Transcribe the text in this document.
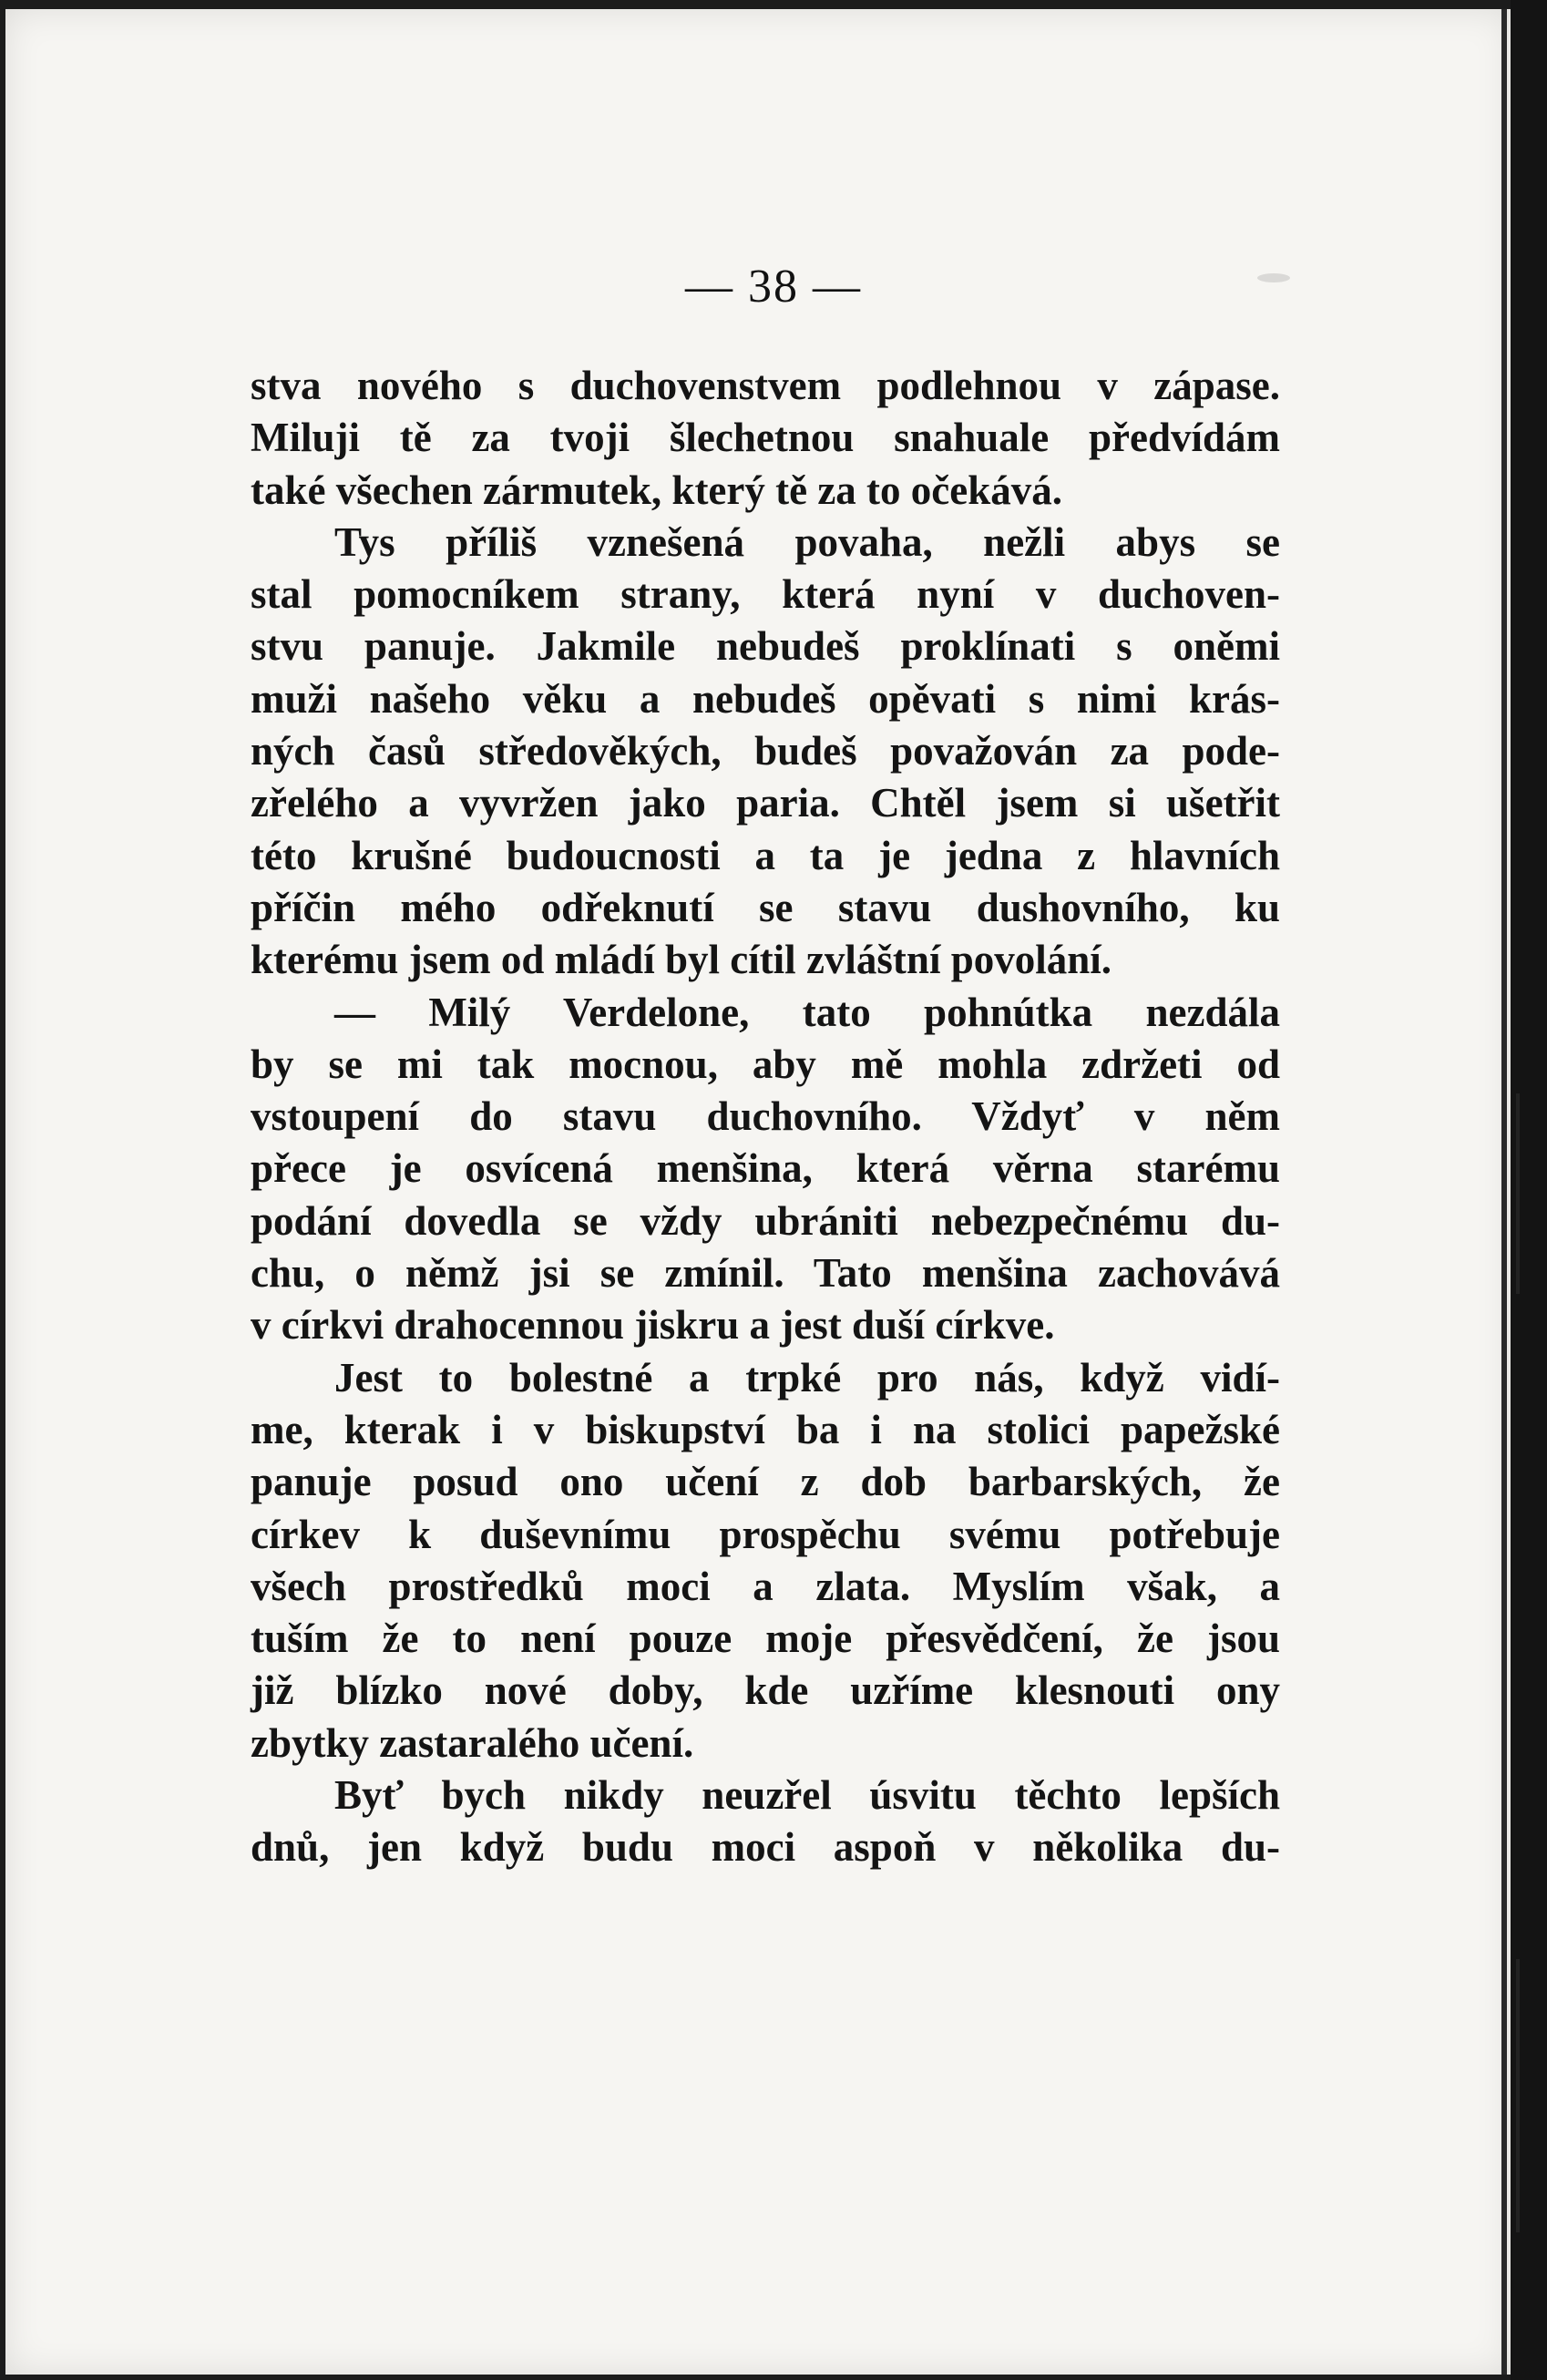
— 38 —
stva nového s duchovenstvem podlehnou v zápase.
Miluji tě za tvoji šlechetnou snahuale předvídám
také všechen zármutek, který tě za to očekává.
Tys příliš vznešená povaha, nežli abys se
stal pomocníkem strany, která nyní v duchoven-
stvu panuje. Jakmile nebudeš proklínati s oněmi
muži našeho věku a nebudeš opěvati s nimi krás-
ných časů středověkých, budeš považován za pode-
zřelého a vyvržen jako paria. Chtěl jsem si ušetřit
této krušné budoucnosti a ta je jedna z hlavních
příčin mého odřeknutí se stavu dushovního, ku
kterému jsem od mládí byl cítil zvláštní povolání.
— Milý Verdelone, tato pohnútka nezdála
by se mi tak mocnou, aby mě mohla zdržeti od
vstoupení do stavu duchovního. Vždyť v něm
přece je osvícená menšina, která věrna starému
podání dovedla se vždy ubrániti nebezpečnému du-
chu, o němž jsi se zmínil. Tato menšina zachovává
v církvi drahocennou jiskru a jest duší církve.
Jest to bolestné a trpké pro nás, když vidí-
me, kterak i v biskupství ba i na stolici papežské
panuje posud ono učení z dob barbarských, že
církev k duševnímu prospěchu svému potřebuje
všech prostředků moci a zlata. Myslím však, a
tuším že to není pouze moje přesvědčení, že jsou
již blízko nové doby, kde uzříme klesnouti ony
zbytky zastaralého učení.
Byť bych nikdy neuzřel úsvitu těchto lepších
dnů, jen když budu moci aspoň v několika du-
